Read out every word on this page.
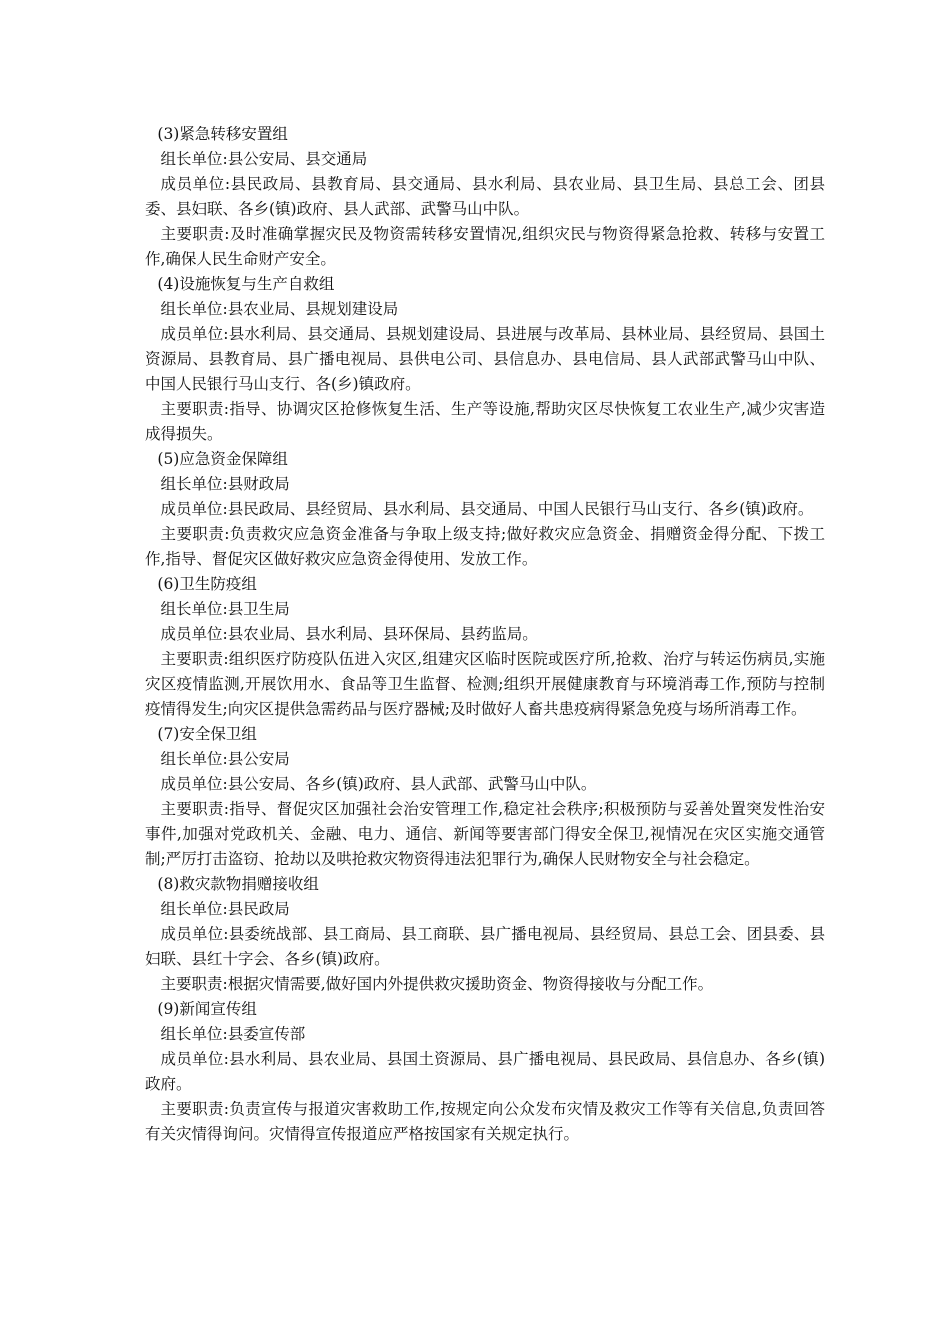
(3)紧急转移安置组

组长单位:县公安局、县交通局

成员单位:县民政局、县教育局、县交通局、县水利局、县农业局、县卫生局、县总工会、团县委、县妇联、各乡(镇)政府、县人武部、武警马山中队。

主要职责:及时准确掌握灾民及物资需转移安置情况,组织灾民与物资得紧急抢救、转移与安置工作,确保人民生命财产安全。

(4)设施恢复与生产自救组

组长单位:县农业局、县规划建设局

成员单位:县水利局、县交通局、县规划建设局、县进展与改革局、县林业局、县经贸局、县国土资源局、县教育局、县广播电视局、县供电公司、县信息办、县电信局、县人武部武警马山中队、中国人民银行马山支行、各(乡)镇政府。

主要职责:指导、协调灾区抢修恢复生活、生产等设施,帮助灾区尽快恢复工农业生产,减少灾害造成得损失。

(5)应急资金保障组

组长单位:县财政局

成员单位:县民政局、县经贸局、县水利局、县交通局、中国人民银行马山支行、各乡(镇)政府。

主要职责:负责救灾应急资金准备与争取上级支持;做好救灾应急资金、捐赠资金得分配、下拨工作,指导、督促灾区做好救灾应急资金得使用、发放工作。

(6)卫生防疫组

组长单位:县卫生局

成员单位:县农业局、县水利局、县环保局、县药监局。

主要职责:组织医疗防疫队伍进入灾区,组建灾区临时医院或医疗所,抢救、治疗与转运伤病员,实施灾区疫情监测,开展饮用水、食品等卫生监督、检测;组织开展健康教育与环境消毒工作,预防与控制疫情得发生;向灾区提供急需药品与医疗器械;及时做好人畜共患疫病得紧急免疫与场所消毒工作。

(7)安全保卫组

组长单位:县公安局

成员单位:县公安局、各乡(镇)政府、县人武部、武警马山中队。

主要职责:指导、督促灾区加强社会治安管理工作,稳定社会秩序;积极预防与妥善处置突发性治安事件,加强对党政机关、金融、电力、通信、新闻等要害部门得安全保卫,视情况在灾区实施交通管制;严厉打击盗窃、抢劫以及哄抢救灾物资得违法犯罪行为,确保人民财物安全与社会稳定。

(8)救灾款物捐赠接收组

组长单位:县民政局

成员单位:县委统战部、县工商局、县工商联、县广播电视局、县经贸局、县总工会、团县委、县妇联、县红十字会、各乡(镇)政府。

主要职责:根据灾情需要,做好国内外提供救灾援助资金、物资得接收与分配工作。

(9)新闻宣传组

组长单位:县委宣传部

成员单位:县水利局、县农业局、县国土资源局、县广播电视局、县民政局、县信息办、各乡(镇)政府。

主要职责:负责宣传与报道灾害救助工作,按规定向公众发布灾情及救灾工作等有关信息,负责回答有关灾情得询问。灾情得宣传报道应严格按国家有关规定执行。
